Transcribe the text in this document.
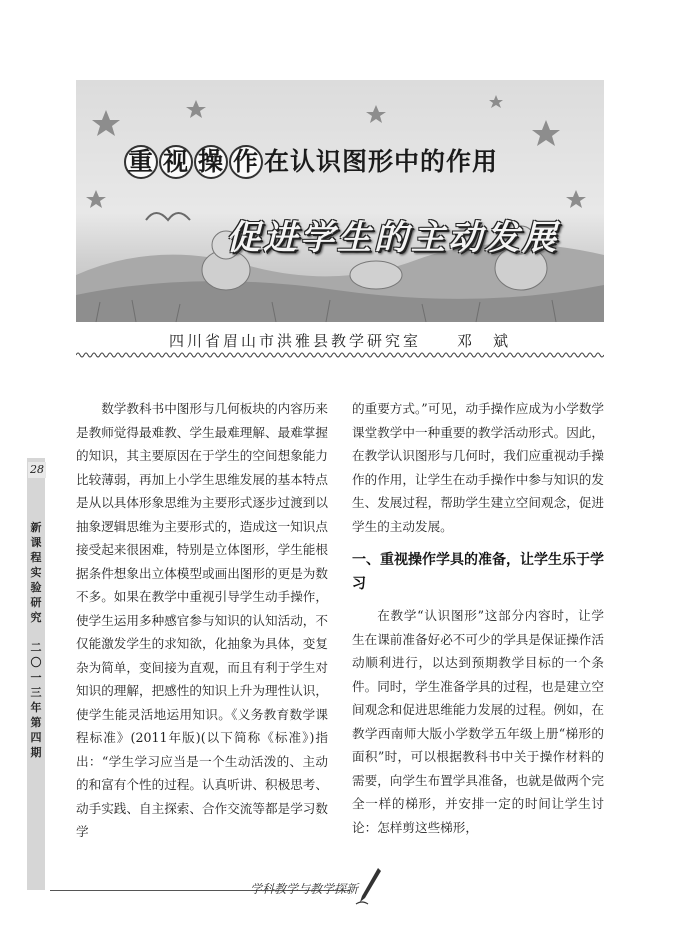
重 视 操 作 在认识图形中的作用
促进学生的主动发展
四川省眉山市洪雅县教学研究室　　邓　斌
28
新
课
程
实
验
研
究

二
〇
一
三
年
第
四
期

数学教科书中图形与几何板块的内容历来是教师觉得最难教、学生最难理解、最难掌握的知识，其主要原因在于学生的空间想象能力比较薄弱，再加上小学生思维发展的基本特点是从以具体形象思维为主要形式逐步过渡到以抽象逻辑思维为主要形式的，造成这一知识点接受起来很困难，特别是立体图形，学生能根据条件想象出立体模型或画出图形的更是为数不多。如果在教学中重视引导学生动手操作，使学生运用多种感官参与知识的认知活动，不仅能激发学生的求知欲，化抽象为具体，变复杂为简单，变间接为直观，而且有利于学生对知识的理解，把感性的知识上升为理性认识，使学生能灵活地运用知识。《义务教育数学课程标准》(2011年版)(以下简称《标准》)指出：“学生学习应当是一个生动活泼的、主动的和富有个性的过程。认真听讲、积极思考、动手实践、自主探索、合作交流等都是学习数学

的重要方式。”可见，动手操作应成为小学数学课堂教学中一种重要的教学活动形式。因此，在教学认识图形与几何时，我们应重视动手操作的作用，让学生在动手操作中参与知识的发生、发展过程，帮助学生建立空间观念，促进学生的主动发展。

一、重视操作学具的准备，让学生乐于学习

在教学“认识图形”这部分内容时，让学生在课前准备好必不可少的学具是保证操作活动顺利进行，以达到预期教学目标的一个条件。同时，学生准备学具的过程，也是建立空间观念和促进思维能力发展的过程。例如，在教学西南师大版小学数学五年级上册“梯形的面积”时，可以根据教科书中关于操作材料的需要，向学生布置学具准备，也就是做两个完全一样的梯形，并安排一定的时间让学生讨论：怎样剪这些梯形，

学科教学与教学探新
